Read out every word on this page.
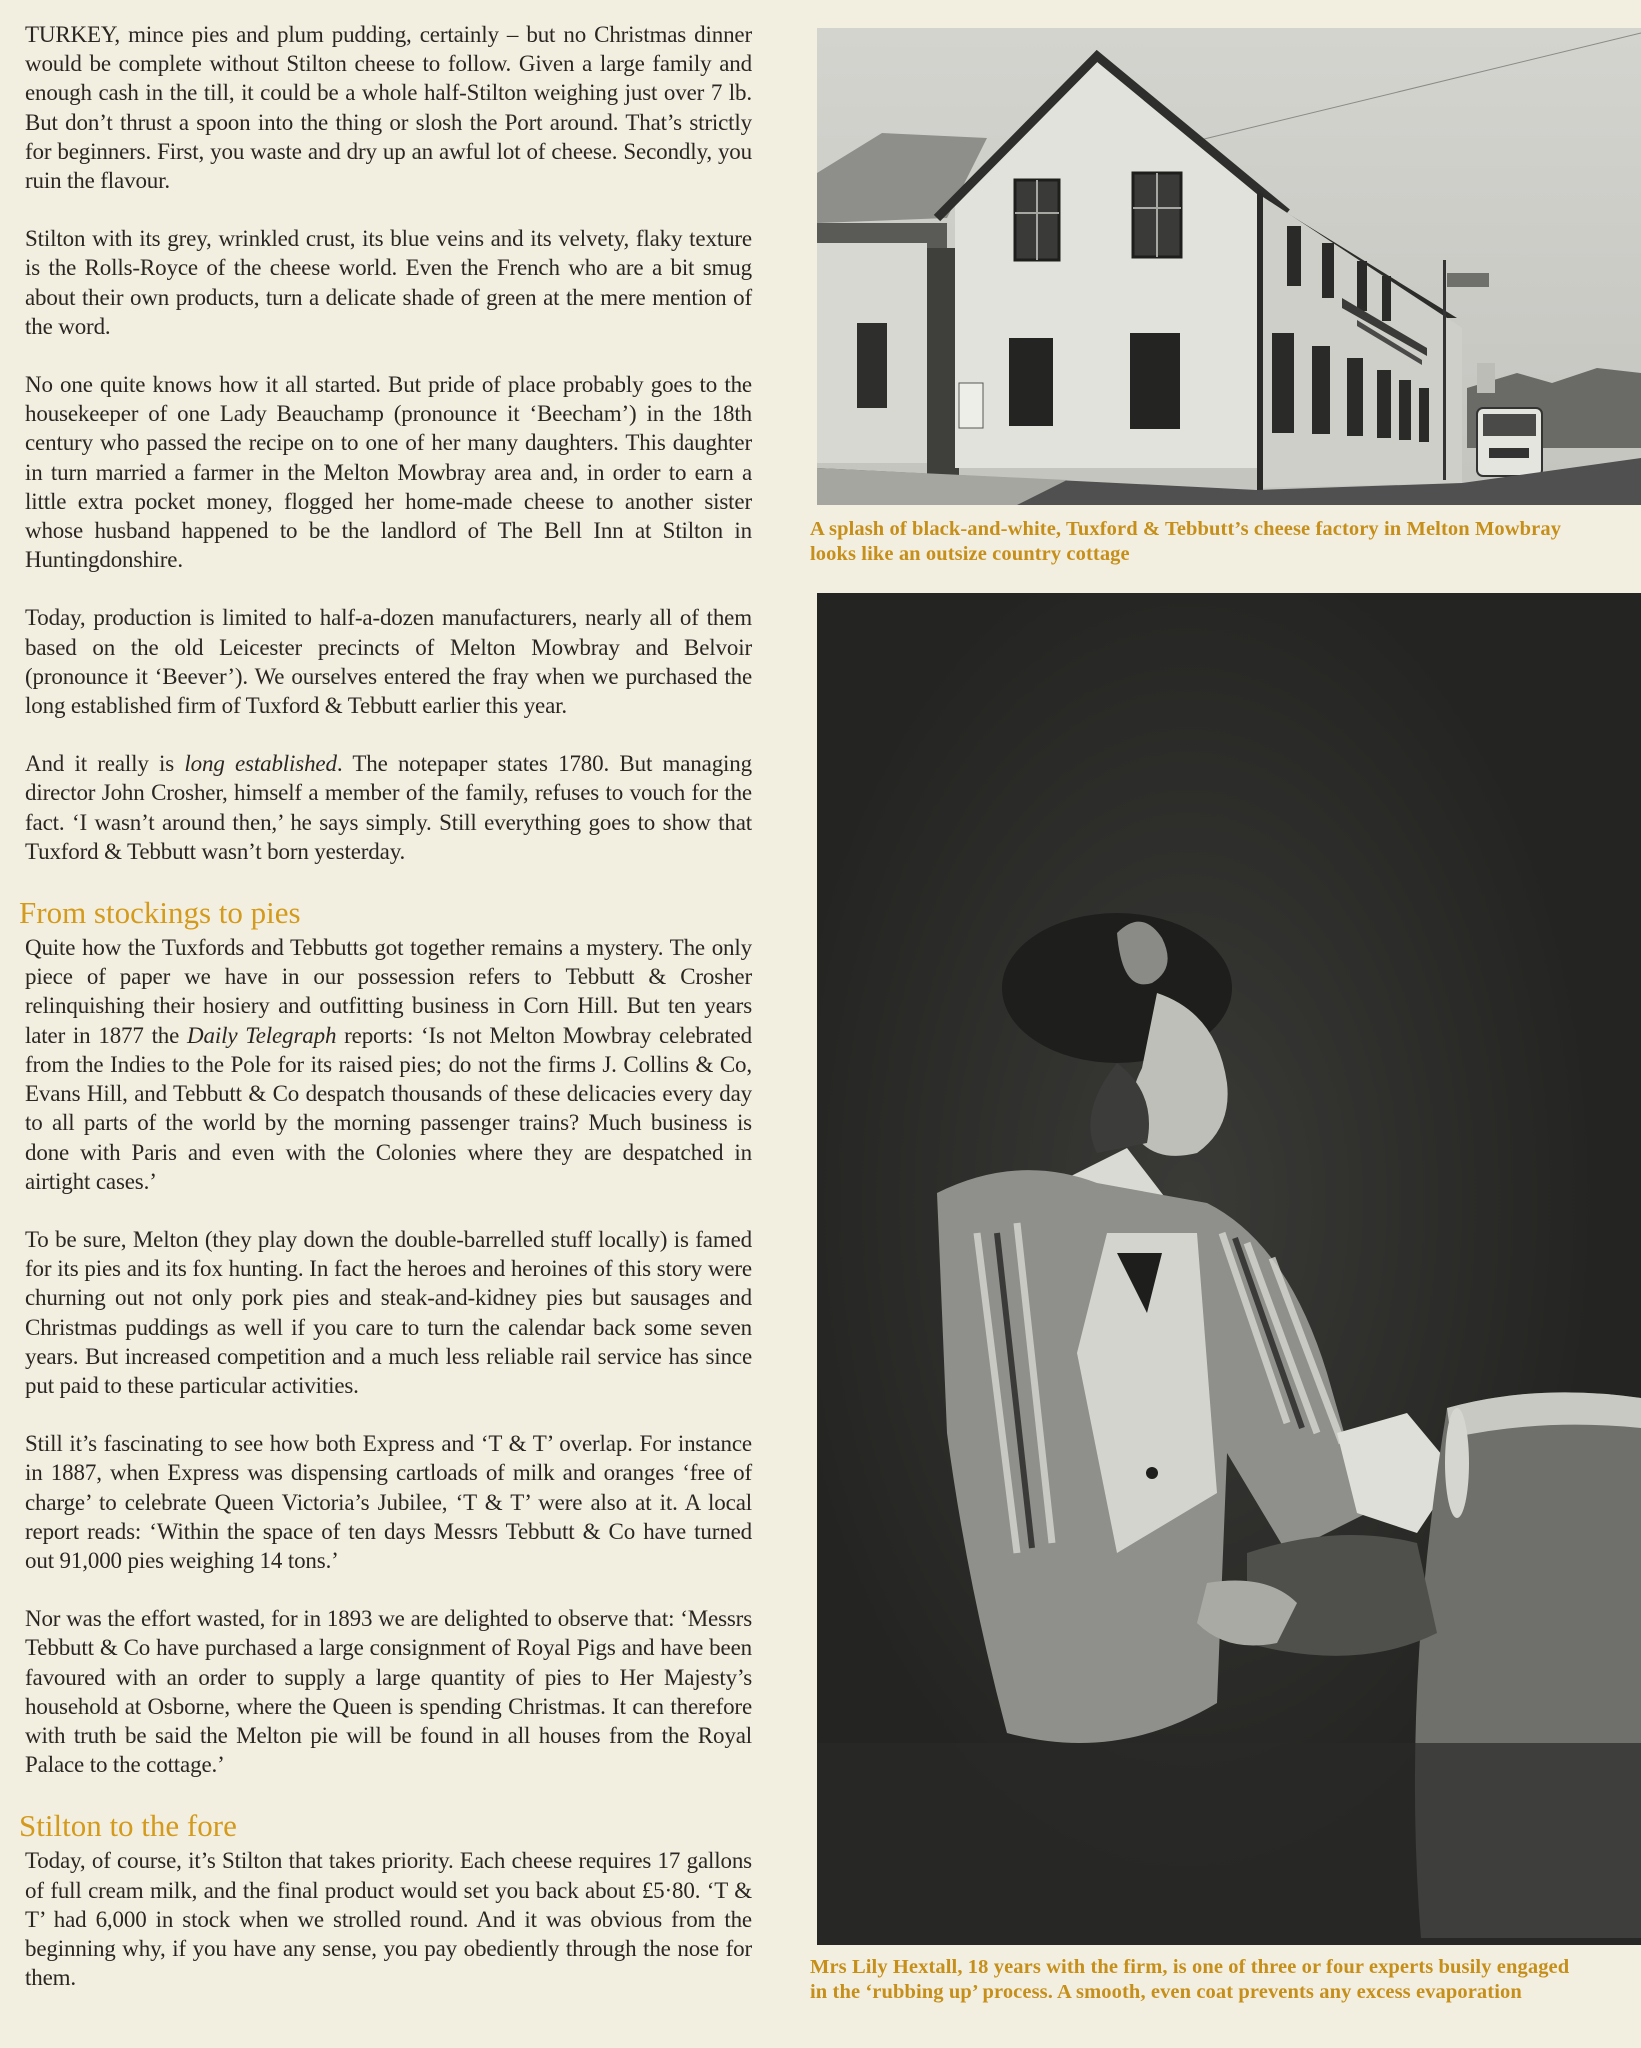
TURKEY, mince pies and plum pudding, certainly – but no Christmas dinner would be complete without Stilton cheese to follow. Given a large family and enough cash in the till, it could be a whole half-Stilton weighing just over 7 lb. But don’t thrust a spoon into the thing or slosh the Port around. That’s strictly for beginners. First, you waste and dry up an awful lot of cheese. Secondly, you ruin the flavour.

Stilton with its grey, wrinkled crust, its blue veins and its velvety, flaky texture is the Rolls-Royce of the cheese world. Even the French who are a bit smug about their own products, turn a delicate shade of green at the mere mention of the word.

No one quite knows how it all started. But pride of place probably goes to the housekeeper of one Lady Beauchamp (pronounce it ‘Beecham’) in the 18th century who passed the recipe on to one of her many daughters. This daughter in turn married a farmer in the Melton Mowbray area and, in order to earn a little extra pocket money, flogged her home-made cheese to another sister whose husband happened to be the landlord of The Bell Inn at Stilton in Huntingdonshire.

Today, production is limited to half-a-dozen manufacturers, nearly all of them based on the old Leicester precincts of Melton Mowbray and Belvoir (pronounce it ‘Beever’). We ourselves entered the fray when we purchased the long established firm of Tuxford & Tebbutt earlier this year.

And it really is long established. The notepaper states 1780. But managing director John Crosher, himself a member of the family, refuses to vouch for the fact. ‘I wasn’t around then,’ he says simply. Still everything goes to show that Tuxford & Tebbutt wasn’t born yesterday.

From stockings to pies

Quite how the Tuxfords and Tebbutts got together remains a mystery. The only piece of paper we have in our possession refers to Tebbutt & Crosher relinquishing their hosiery and outfitting business in Corn Hill. But ten years later in 1877 the Daily Telegraph reports: ‘Is not Melton Mowbray celebrated from the Indies to the Pole for its raised pies; do not the firms J. Collins & Co, Evans Hill, and Tebbutt & Co despatch thousands of these delicacies every day to all parts of the world by the morning passenger trains? Much business is done with Paris and even with the Colonies where they are despatched in airtight cases.’

To be sure, Melton (they play down the double-barrelled stuff locally) is famed for its pies and its fox hunting. In fact the heroes and heroines of this story were churning out not only pork pies and steak-and-kidney pies but sausages and Christmas puddings as well if you care to turn the calendar back some seven years. But increased competition and a much less reliable rail service has since put paid to these particular activities.

Still it’s fascinating to see how both Express and ‘T & T’ overlap. For instance in 1887, when Express was dispensing cartloads of milk and oranges ‘free of charge’ to celebrate Queen Victoria’s Jubilee, ‘T & T’ were also at it. A local report reads: ‘Within the space of ten days Messrs Tebbutt & Co have turned out 91,000 pies weighing 14 tons.’

Nor was the effort wasted, for in 1893 we are delighted to observe that: ‘Messrs Tebbutt & Co have purchased a large consignment of Royal Pigs and have been favoured with an order to supply a large quantity of pies to Her Majesty’s household at Osborne, where the Queen is spending Christmas. It can therefore with truth be said the Melton pie will be found in all houses from the Royal Palace to the cottage.’

Stilton to the fore

Today, of course, it’s Stilton that takes priority. Each cheese requires 17 gallons of full cream milk, and the final product would set you back about £5·80. ‘T & T’ had 6,000 in stock when we strolled round. And it was obvious from the beginning why, if you have any sense, you pay obediently through the nose for them.

A splash of black-and-white, Tuxford & Tebbutt’s cheese factory in Melton Mowbray looks like an outsize country cottage
Mrs Lily Hextall, 18 years with the firm, is one of three or four experts busily engaged in the ‘rubbing up’ process. A smooth, even coat prevents any excess evaporation
